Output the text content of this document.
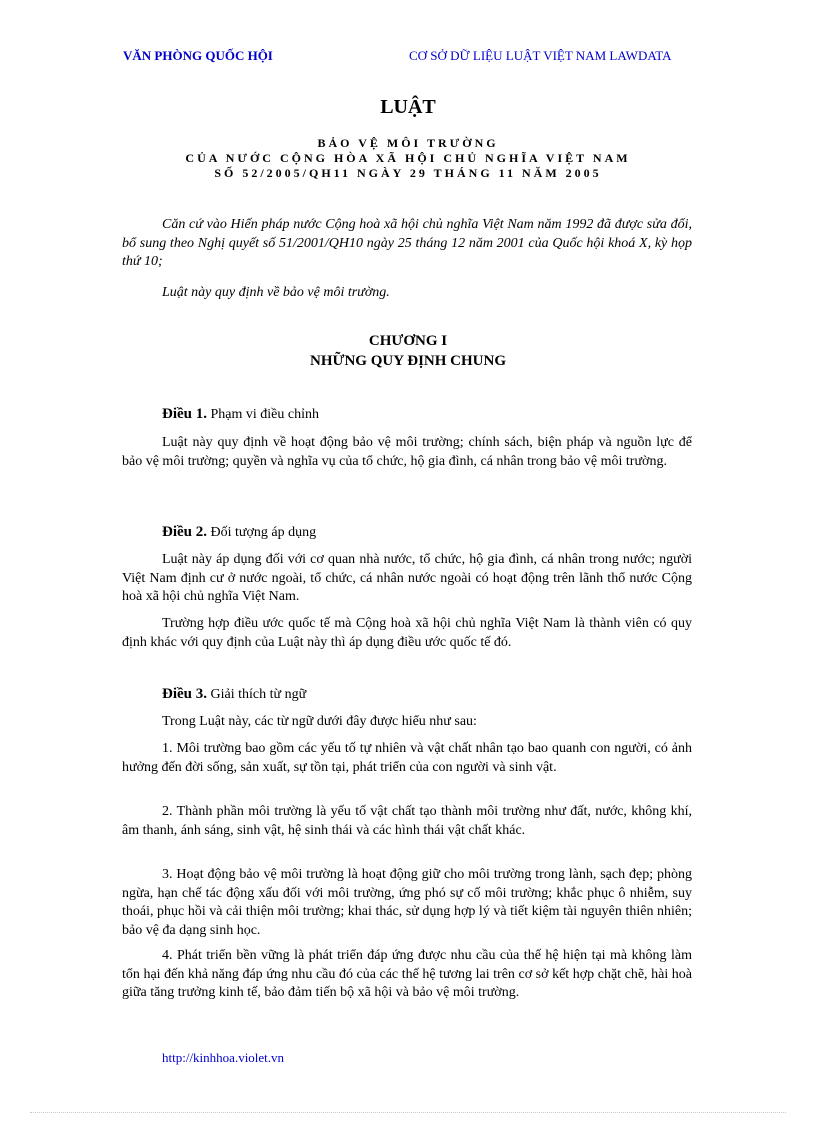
VĂN PHÒNG QUỐC HỘI	CƠ SỞ DỮ LIỆU LUẬT VIỆT NAM LAWDATA
LUẬT
BẢO VỆ MÔI TRƯỜNG
CỦA NƯỚC CỘNG HÒA XÃ HỘI CHỦ NGHĨA VIỆT NAM
SỐ 52/2005/QH11 NGÀY 29 THÁNG 11 NĂM 2005

Căn cứ vào Hiến pháp nước Cộng hoà xã hội chủ nghĩa Việt Nam năm 1992 đã được sửa đổi, bổ sung theo Nghị quyết số 51/2001/QH10 ngày 25 tháng 12 năm 2001 của Quốc hội khoá X, kỳ họp thứ 10;

Luật này quy định về bảo vệ môi trường.

CHƯƠNG I
NHỮNG QUY ĐỊNH CHUNG
Điều 1. Phạm vi điều chỉnh

Luật này quy định về hoạt động bảo vệ môi trường; chính sách, biện pháp và nguồn lực để bảo vệ môi trường; quyền và nghĩa vụ của tổ chức, hộ gia đình, cá nhân trong bảo vệ môi trường.

Điều 2. Đối tượng áp dụng

Luật này áp dụng đối với cơ quan nhà nước, tổ chức, hộ gia đình, cá nhân trong nước; người Việt Nam định cư ở nước ngoài, tổ chức, cá nhân nước ngoài có hoạt động trên lãnh thổ nước Cộng hoà xã hội chủ nghĩa Việt Nam.

Trường hợp điều ước quốc tế mà Cộng hoà xã hội chủ nghĩa Việt Nam là thành viên có quy định khác với quy định của Luật này thì áp dụng điều ước quốc tế đó.

Điều 3. Giải thích từ ngữ

Trong Luật này, các từ ngữ dưới đây được hiểu như sau:

1. Môi trường bao gồm các yếu tố tự nhiên và vật chất nhân tạo bao quanh con người, có ảnh hưởng đến đời sống, sản xuất, sự tồn tại, phát triển của con người và sinh vật.

2. Thành phần môi trường là yếu tố vật chất tạo thành môi trường như đất, nước, không khí, âm thanh, ánh sáng, sinh vật, hệ sinh thái và các hình thái vật chất khác.

3. Hoạt động bảo vệ môi trường là hoạt động giữ cho môi trường trong lành, sạch đẹp; phòng ngừa, hạn chế tác động xấu đối với môi trường, ứng phó sự cố môi trường; khắc phục ô nhiễm, suy thoái, phục hồi và cải thiện môi trường; khai thác, sử dụng hợp lý và tiết kiệm tài nguyên thiên nhiên; bảo vệ đa dạng sinh học.

4. Phát triển bền vững là phát triển đáp ứng được nhu cầu của thế hệ hiện tại mà không làm tổn hại đến khả năng đáp ứng nhu cầu đó của các thế hệ tương lai trên cơ sở kết hợp chặt chẽ, hài hoà giữa tăng trưởng kinh tế, bảo đảm tiến bộ xã hội và bảo vệ môi trường.

http://kinhhoa.violet.vn
